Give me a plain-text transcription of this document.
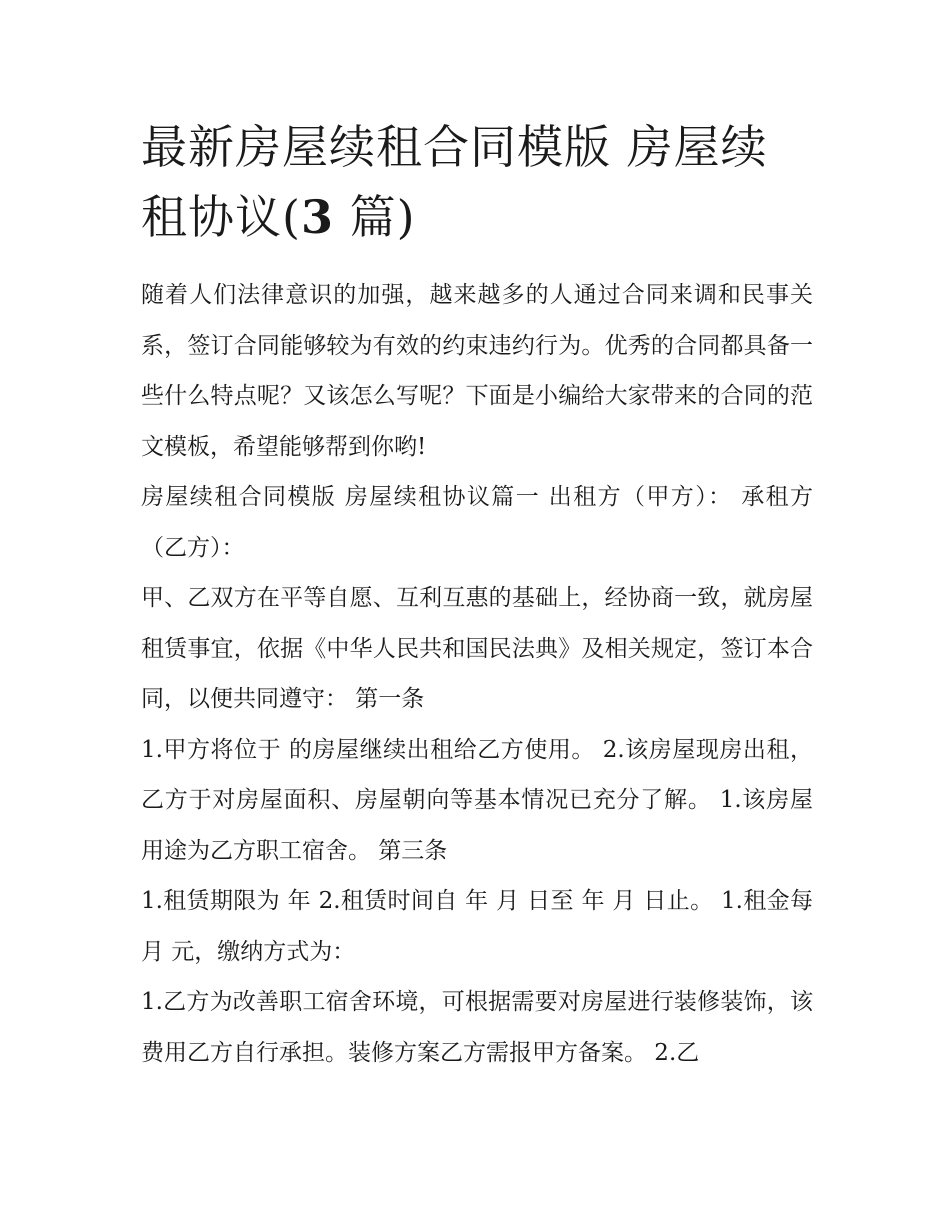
最新房屋续租合同模版 房屋续租协议(3 篇)

随着人们法律意识的加强，越来越多的人通过合同来调和民事关系，签订合同能够较为有效的约束违约行为。优秀的合同都具备一些什么特点呢？又该怎么写呢？下面是小编给大家带来的合同的范文模板，希望能够帮到你哟!

房屋续租合同模版 房屋续租协议篇一 出租方（甲方）： 承租方（乙方）：

甲、乙双方在平等自愿、互利互惠的基础上，经协商一致，就房屋租赁事宜，依据《中华人民共和国民法典》及相关规定，签订本合同，以便共同遵守： 第一条

1.甲方将位于 的房屋继续出租给乙方使用。 2.该房屋现房出租，乙方于对房屋面积、房屋朝向等基本情况已充分了解。 1.该房屋用途为乙方职工宿舍。 第三条

1.租赁期限为 年 2.租赁时间自 年 月 日至 年 月 日止。 1.租金每月 元，缴纳方式为：

1.乙方为改善职工宿舍环境，可根据需要对房屋进行装修装饰，该费用乙方自行承担。装修方案乙方需报甲方备案。 2.乙
